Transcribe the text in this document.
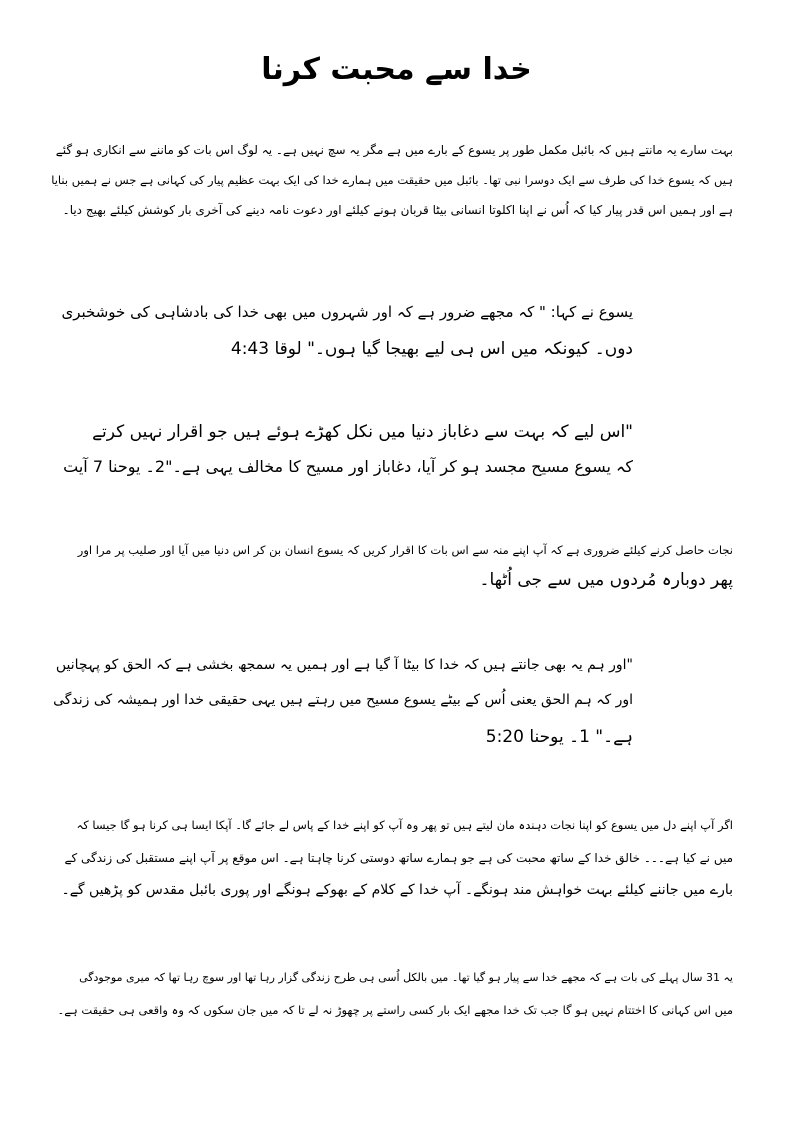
خدا سے محبت کرنا
بہت سارے یہ مانتے ہیں کہ بائبل مکمل طور پر یسوع کے بارے میں ہے مگر یہ سچ نہیں ہے۔ یہ لوگ اس بات کو ماننے سے انکاری ہو گئے
ہیں کہ یسوع خدا کی طرف سے ایک دوسرا نبی تھا۔ بائبل میں حقیقت میں ہمارے خدا کی ایک بہت عظیم پیار کی کہانی ہے جس نے ہمیں بنایا
ہے اور ہمیں اس قدر پیار کیا کہ اُس نے اپنا اکلوتا انسانی بیٹا قربان ہونے کیلئے اور دعوت نامہ دینے کی آخری بار کوشش کیلئے بھیج دیا۔
یسوع نے کہا: " کہ مجھے ضرور ہے کہ اور شہروں میں بھی خدا کی بادشاہی کی خوشخبری
دوں۔ کیونکہ میں اس ہی لیے بھیجا گیا ہوں۔" لوقا 4:43
"اس لیے کہ بہت سے دغاباز دنیا میں نکل کھڑے ہوئے ہیں جو اقرار نہیں کرتے
کہ یسوع مسیح مجسد ہو کر آیا، دغاباز اور مسیح کا مخالف یہی ہے۔"2۔ یوحنا 7 آیت
نجات حاصل کرنے کیلئے ضروری ہے کہ آپ اپنے منہ سے اس بات کا اقرار کریں کہ یسوع انسان بن کر اس دنیا میں آیا اور صلیب پر مرا اور
پھر دوبارہ مُردوں میں سے جی اُٹھا۔
"اور ہم یہ بھی جانتے ہیں کہ خدا کا بیٹا آ گیا ہے اور ہمیں یہ سمجھ بخشی ہے کہ الحق کو پہچانیں
اور کہ ہم الحق یعنی اُس کے بیٹے یسوع مسیح میں رہتے ہیں یہی حقیقی خدا اور ہمیشہ کی زندگی
ہے۔" 1۔ یوحنا 5:20
اگر آپ اپنے دل میں یسوع کو اپنا نجات دہندہ مان لیتے ہیں تو پھر وہ آپ کو اپنے خدا کے پاس لے جائے گا۔ آپکا ایسا ہی کرنا ہو گا جیسا کہ
میں نے کیا ہے۔۔۔ خالق خدا کے ساتھ محبت کی ہے جو ہمارے ساتھ دوستی کرنا چاہتا ہے۔ اس موقع پر آپ اپنے مستقبل کی زندگی کے
بارے میں جاننے کیلئے بہت خواہش مند ہونگے۔ آپ خدا کے کلام کے بھوکے ہونگے اور پوری بائبل مقدس کو پڑھیں گے۔
یہ 31 سال پہلے کی بات ہے کہ مجھے خدا سے پیار ہو گیا تھا۔ میں بالکل اُسی ہی طرح زندگی گزار رہا تھا اور سوچ رہا تھا کہ میری موجودگی
میں اس کہانی کا اختتام نہیں ہو گا جب تک خدا مجھے ایک بار کسی راستے پر چھوڑ نہ لے تا کہ میں جان سکوں کہ وہ واقعی ہی حقیقت ہے۔
